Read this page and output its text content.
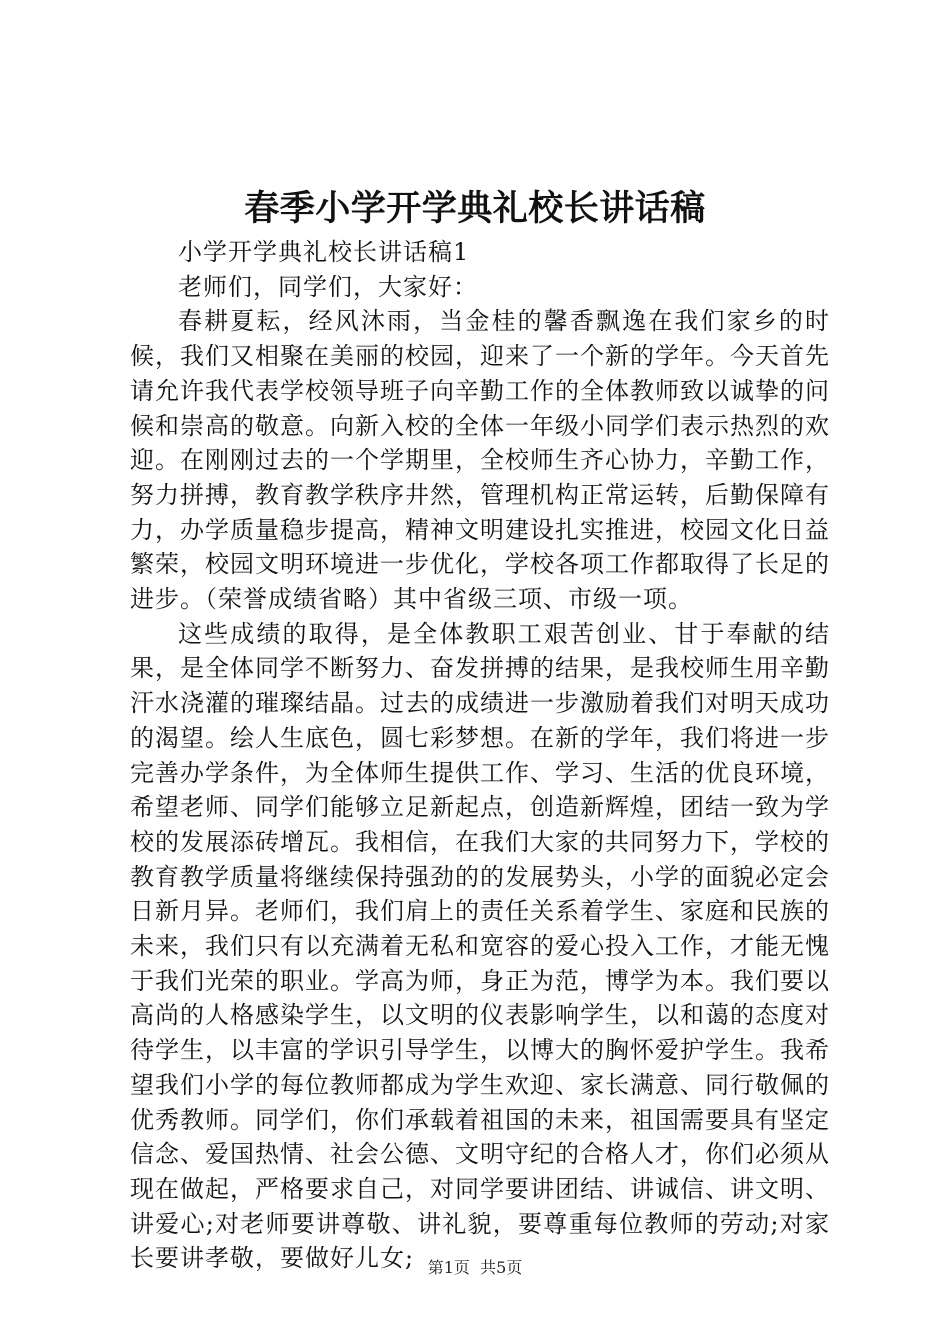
春季小学开学典礼校长讲话稿

小学开学典礼校长讲话稿1

老师们，同学们，大家好：

春耕夏耘，经风沐雨，当金桂的馨香飘逸在我们家乡的时候，我们又相聚在美丽的校园，迎来了一个新的学年。今天首先请允许我代表学校领导班子向辛勤工作的全体教师致以诚挚的问候和崇高的敬意。向新入校的全体一年级小同学们表示热烈的欢迎。在刚刚过去的一个学期里，全校师生齐心协力，辛勤工作，努力拼搏，教育教学秩序井然，管理机构正常运转，后勤保障有力，办学质量稳步提高，精神文明建设扎实推进，校园文化日益繁荣，校园文明环境进一步优化，学校各项工作都取得了长足的进步。（荣誉成绩省略）其中省级三项、市级一项。

这些成绩的取得，是全体教职工艰苦创业、甘于奉献的结果，是全体同学不断努力、奋发拼搏的结果，是我校师生用辛勤汗水浇灌的璀璨结晶。过去的成绩进一步激励着我们对明天成功的渴望。绘人生底色，圆七彩梦想。在新的学年，我们将进一步完善办学条件，为全体师生提供工作、学习、生活的优良环境，希望老师、同学们能够立足新起点，创造新辉煌，团结一致为学校的发展添砖增瓦。我相信，在我们大家的共同努力下，学校的教育教学质量将继续保持强劲的的发展势头，小学的面貌必定会日新月异。老师们，我们肩上的责任关系着学生、家庭和民族的未来，我们只有以充满着无私和宽容的爱心投入工作，才能无愧于我们光荣的职业。学高为师，身正为范，博学为本。我们要以高尚的人格感染学生，以文明的仪表影响学生，以和蔼的态度对待学生，以丰富的学识引导学生，以博大的胸怀爱护学生。我希望我们小学的每位教师都成为学生欢迎、家长满意、同行敬佩的优秀教师。同学们，你们承载着祖国的未来，祖国需要具有坚定信念、爱国热情、社会公德、文明守纪的合格人才，你们必须从现在做起，严格要求自己，对同学要讲团结、讲诚信、讲文明、讲爱心;对老师要讲尊敬、讲礼貌，要尊重每位教师的劳动;对家长要讲孝敬，要做好儿女; 第1页 共5页
